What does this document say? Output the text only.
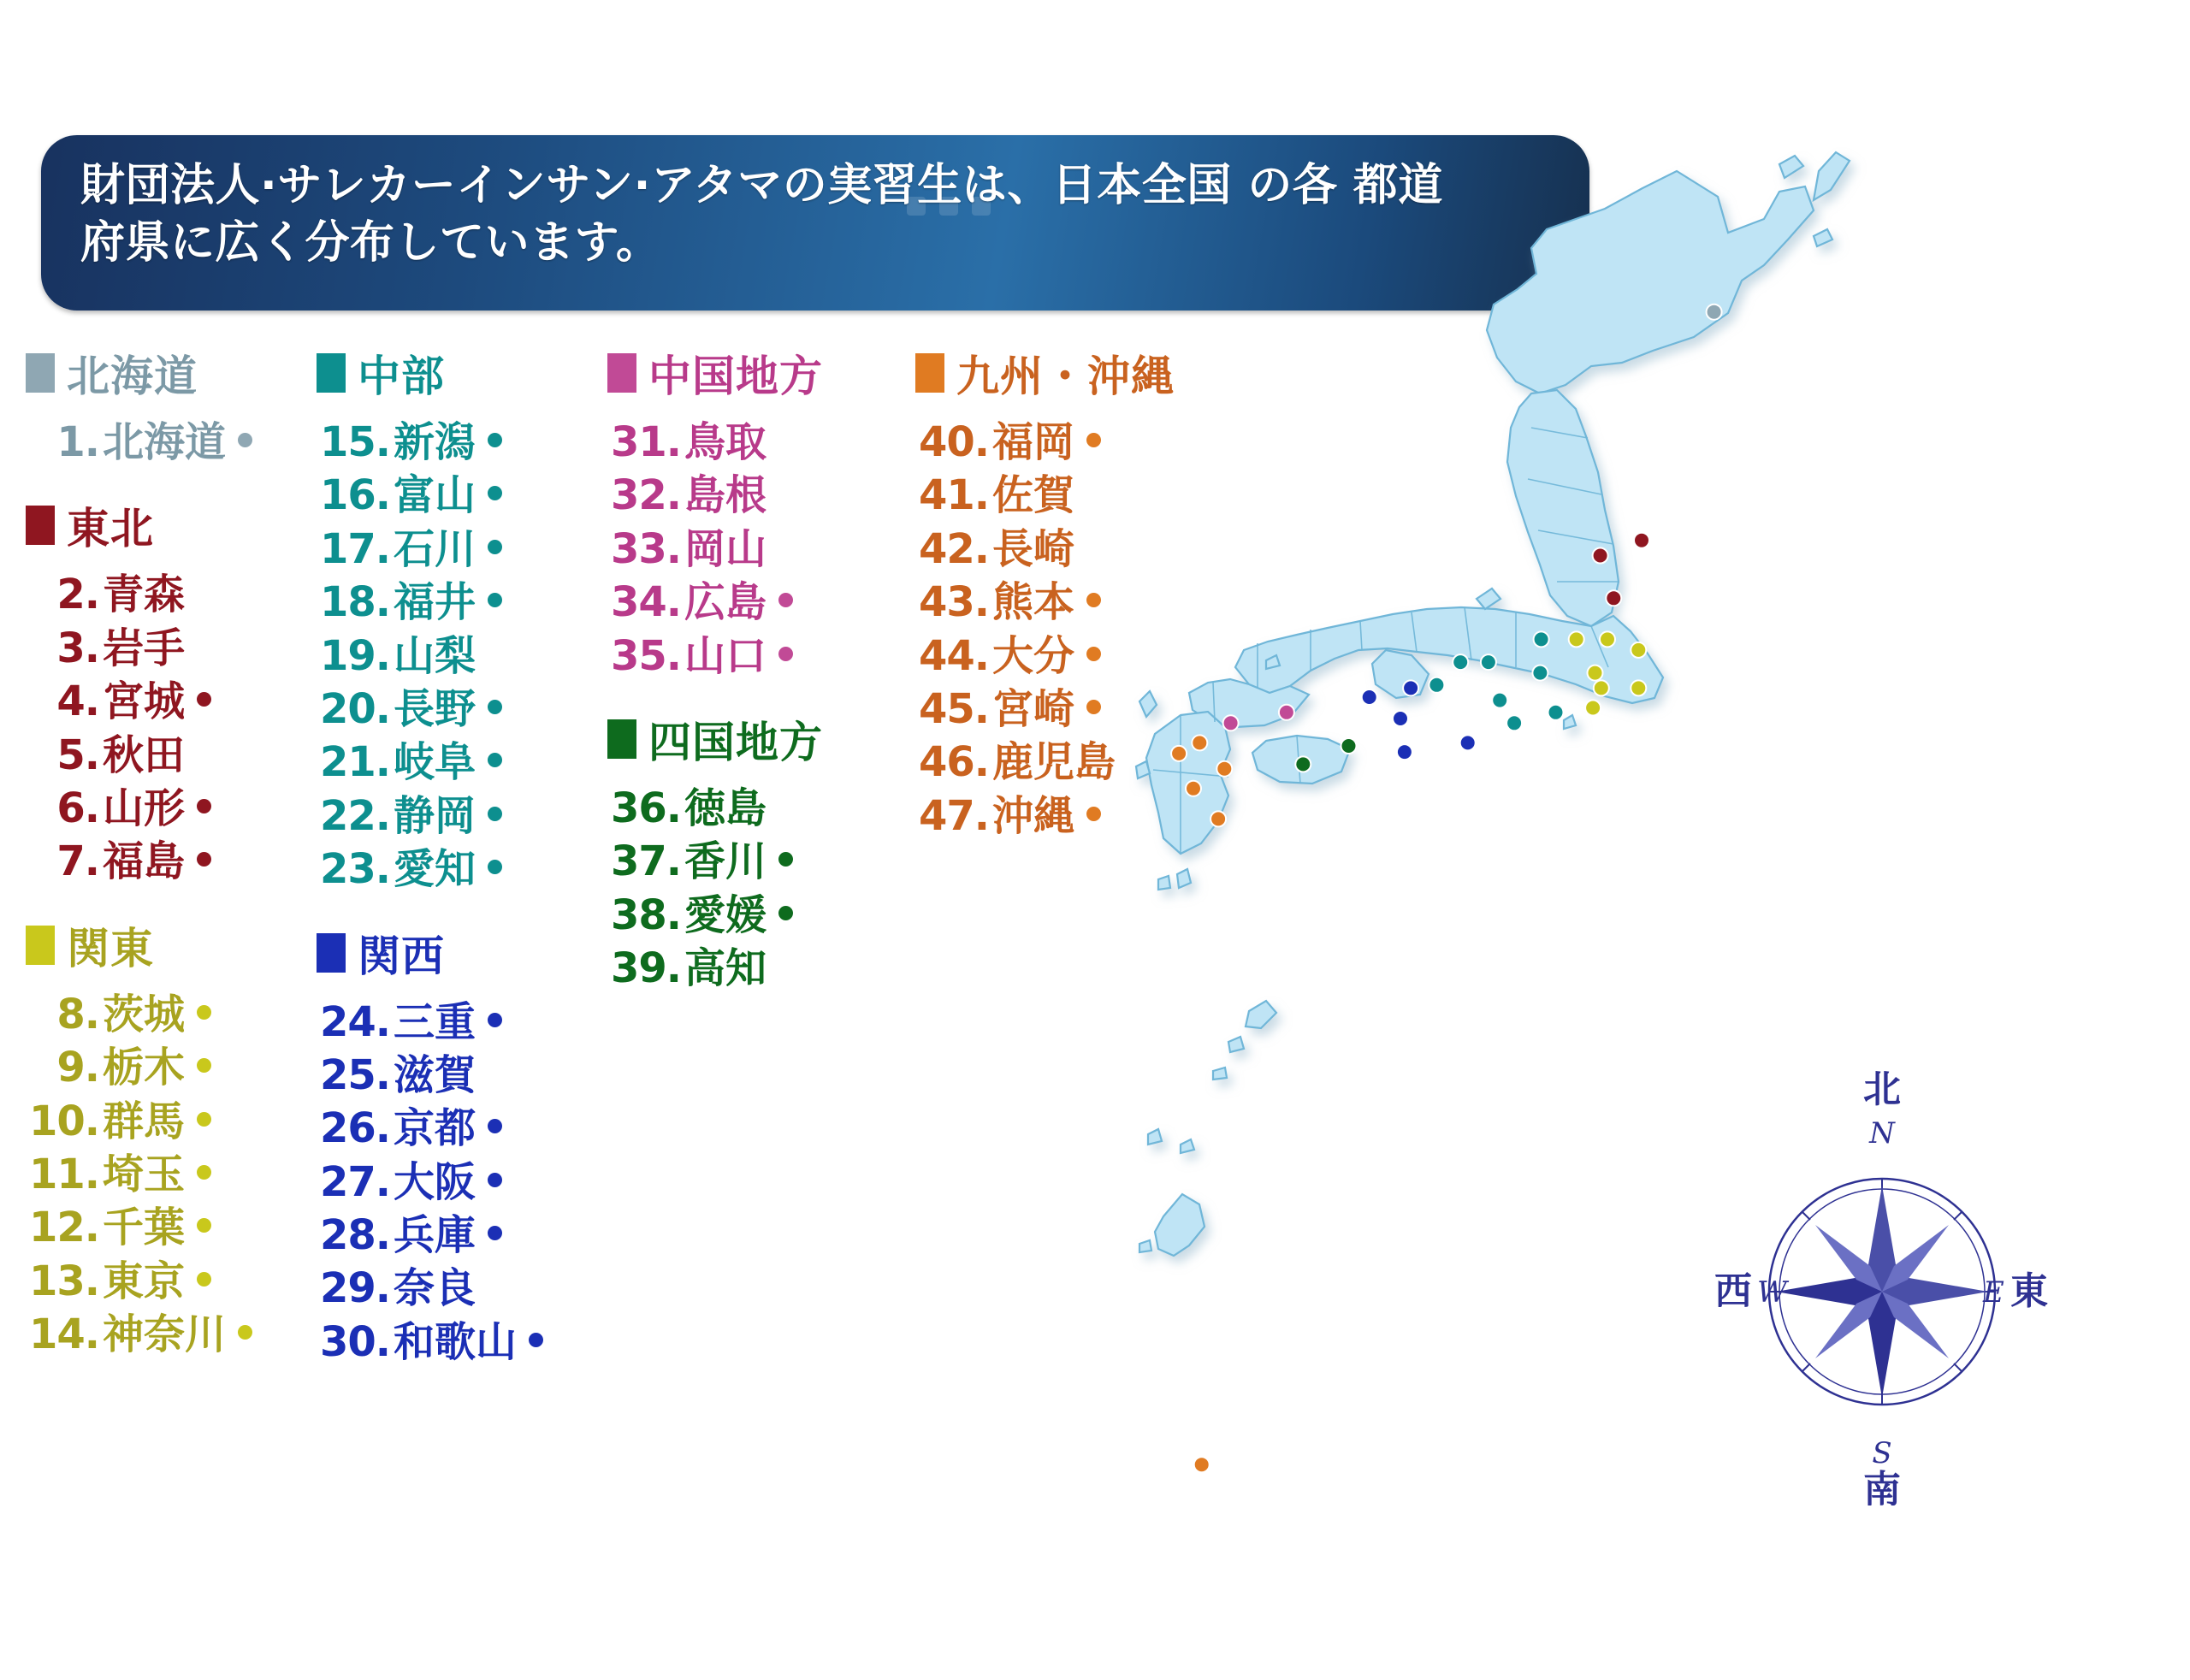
財団法人·サレカーインサン·アタマの実習生は、日本全国 の各 都道
府県に広く分布しています。
北海道
1. 北海道
東北
2. 青森
3. 岩手
4. 宮城
5. 秋田
6. 山形
7. 福島
関東
8. 茨城
9. 栃木
10. 群馬
11. 埼玉
12. 千葉
13. 東京
14. 神奈川
中部
15. 新潟
16. 富山
17. 石川
18. 福井
19. 山梨
20. 長野
21. 岐阜
22. 静岡
23. 愛知
関西
24. 三重
25. 滋賀
26. 京都
27. 大阪
28. 兵庫
29. 奈良
30. 和歌山
中国地方
31. 鳥取
32. 島根
33. 岡山
34. 広島
35. 山口
四国地方
36. 徳島
37. 香川
38. 愛媛
39. 高知
九州・沖縄
40. 福岡
41. 佐賀
42. 長崎
43. 熊本
44. 大分
45. 宮崎
46. 鹿児島
47. 沖縄
北
N
S
南
西 W	東
E
